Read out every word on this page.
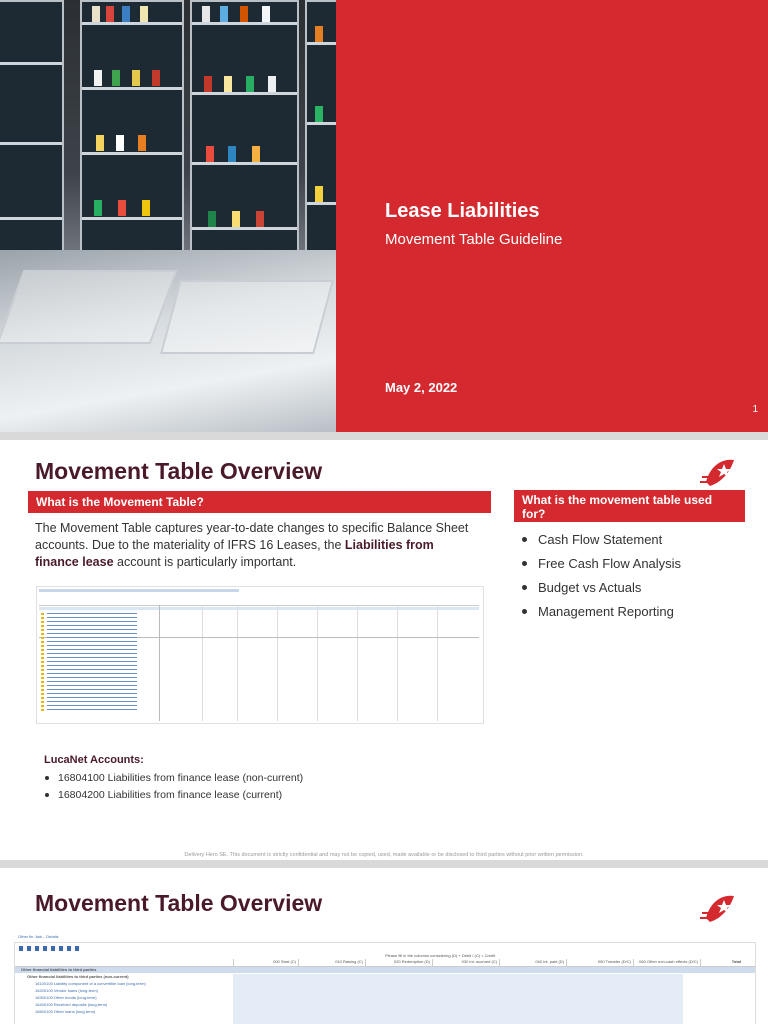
Lease Liabilities
Movement Table Guideline
May 2, 2022
1
Movement Table Overview
What is the Movement Table?	What is the movement table used for?
The Movement Table captures year-to-date changes to specific Balance Sheet accounts. Due to the materiality of IFRS 16 Leases, the Liabilities from finance lease account is particularly important.
Cash Flow Statement
Free Cash Flow Analysis
Budget vs Actuals
Management Reporting
LucaNet Accounts:
16804100 Liabilities from finance lease (non-current)
16804200 Liabilities from finance lease (current)
Delivery Hero SE. This document is strictly confidential and may not be copied, used, made available or be disclosed to third parties without prior written permission.
Movement Table Overview
Other fin. liab... Details
Please fill in the columns considering (D) + Debit / (C) = Credit
000 Start (C)	010 Raising (C)	020 Redemption (D)	030 Int. accrued (C)	040 Int. paid (D)	050 Transfer (D/C)	060 Other non-cash effects (D/C)	Total
Other financial liabilities to third parties
Other financial liabilities to third parties (non-current)
16100100 Liability component of a convertible loan (long-term)
16200100 Vendor loans (long-term)
16300100 Other bonds (long-term)
16400100 Received deposits (long-term)
16600100 Other loans (long-term)
